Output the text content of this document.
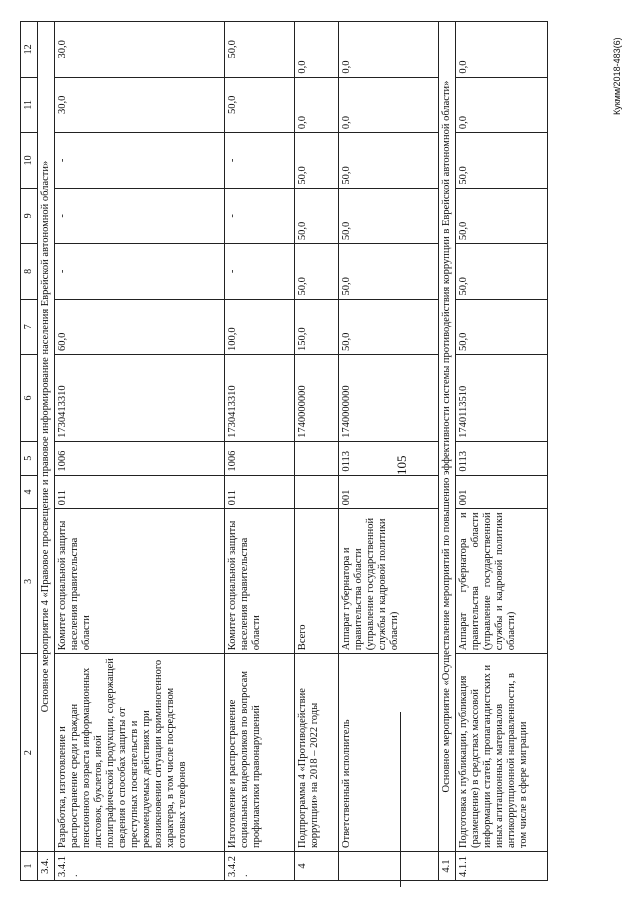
1	2	3	4	5	6	7	8	9	10	11	12
3.4.	Основное мероприятие 4 «Правовое просвещение и правовое информирование населения Еврейской автономной области»										
3.4.1.	Разработка, изготовление и распространение среди граждан пенсионного возраста информационных листовок, буклетов, иной полиграфической продукции, содержащей сведения о способах защиты от преступных посягательств и рекомендуемых действиях при возникновении ситуации криминогенного характера, в том числе посредством сотовых телефонов	Комитет социальной защиты населения правительства области	011	1006	1730413310	60,0	-	-	-	30,0	30,0
3.4.2.	Изготовление и распространение социальных видеороликов по вопросам профилактики правонарушений	Комитет социальной защиты населения правительства области	011	1006	1730413310	100,0	-	-	-	50,0	50,0
4	Подпрограмма 4 «Противодействие коррупции» на 2018 – 2022 годы	Всего			1740000000	150,0	50,0	50,0	50,0	0,0	0,0
	Ответственный исполнитель	Аппарат губернатора и правительства области (управление государственной службы и кадровой политики области)	001	0113	1740000000	50,0	50,0	50,0	50,0	0,0	0,0
4.1	Основное мероприятие «Осуществление мероприятий по повышению эффективности системы противодействия коррупции в Еврейской автономной области»										
4.1.1	Подготовка к публикации, публикация (размещение) в средствах массовой информации статей, пропагандистских и иных агитационных материалов антикоррупционной направленности, в том числе в сфере миграции	Аппарат губернатора и правительства области (управление государственной службы и кадровой политики области)	001	0113	1740113510	50,0	50,0	50,0	50,0	0,0	0,0
105
Кукмм/2018-483(6)
